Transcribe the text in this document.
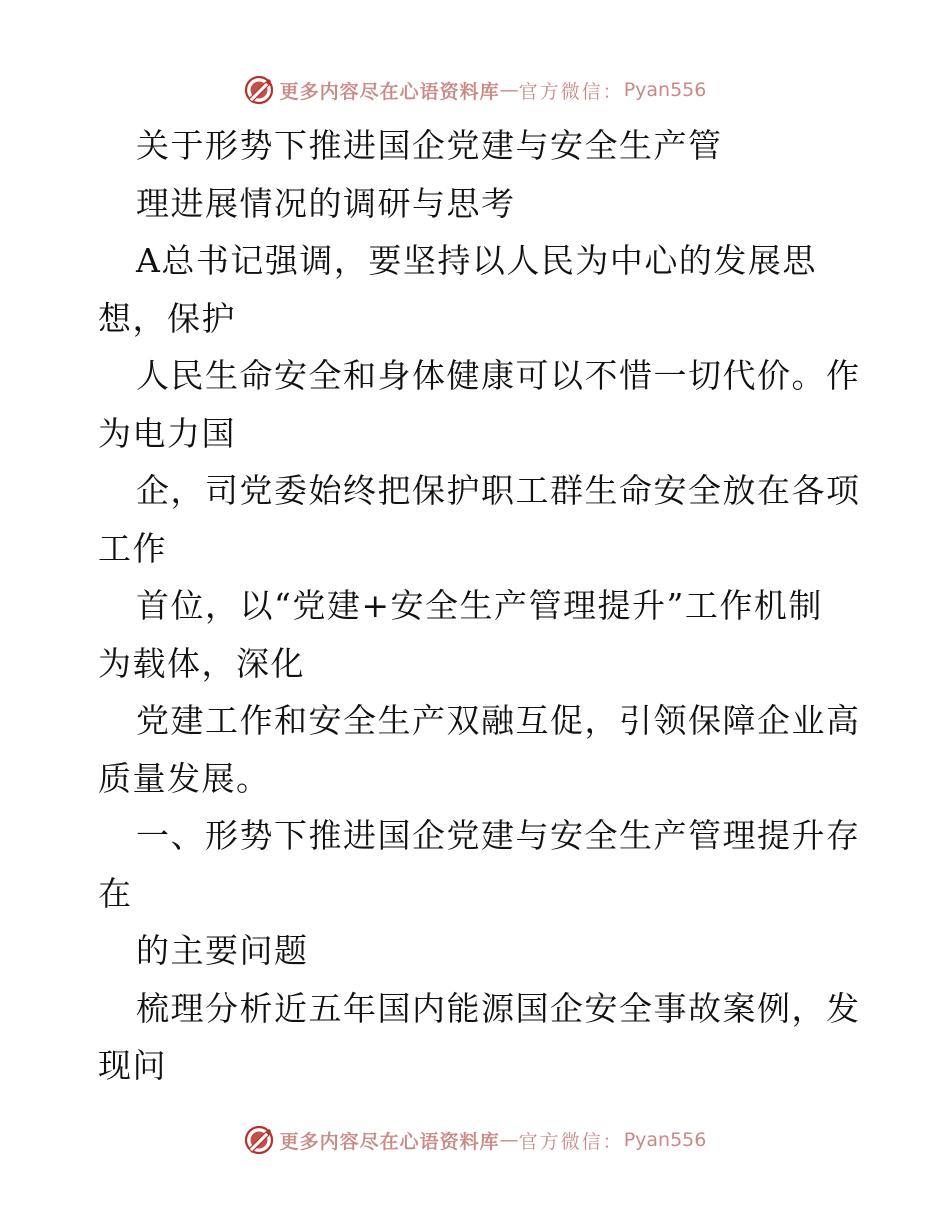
更多内容尽在心语资料库 — 官方微信： Pyan556
关于形势下推进国企党建与安全生产管
理进展情况的调研与思考
A总书记强调，要坚持以人民为中心的发展思
想，保护
人民生命安全和身体健康可以不惜一切代价。作
为电力国
企，司党委始终把保护职工群生命安全放在各项
工作
首位，以“党建+安全生产管理提升”工作机制
为载体，深化
党建工作和安全生产双融互促，引领保障企业高
质量发展。
一、形势下推进国企党建与安全生产管理提升存
在
的主要问题
梳理分析近五年国内能源国企安全事故案例，发
现问
更多内容尽在心语资料库 — 官方微信： Pyan556
